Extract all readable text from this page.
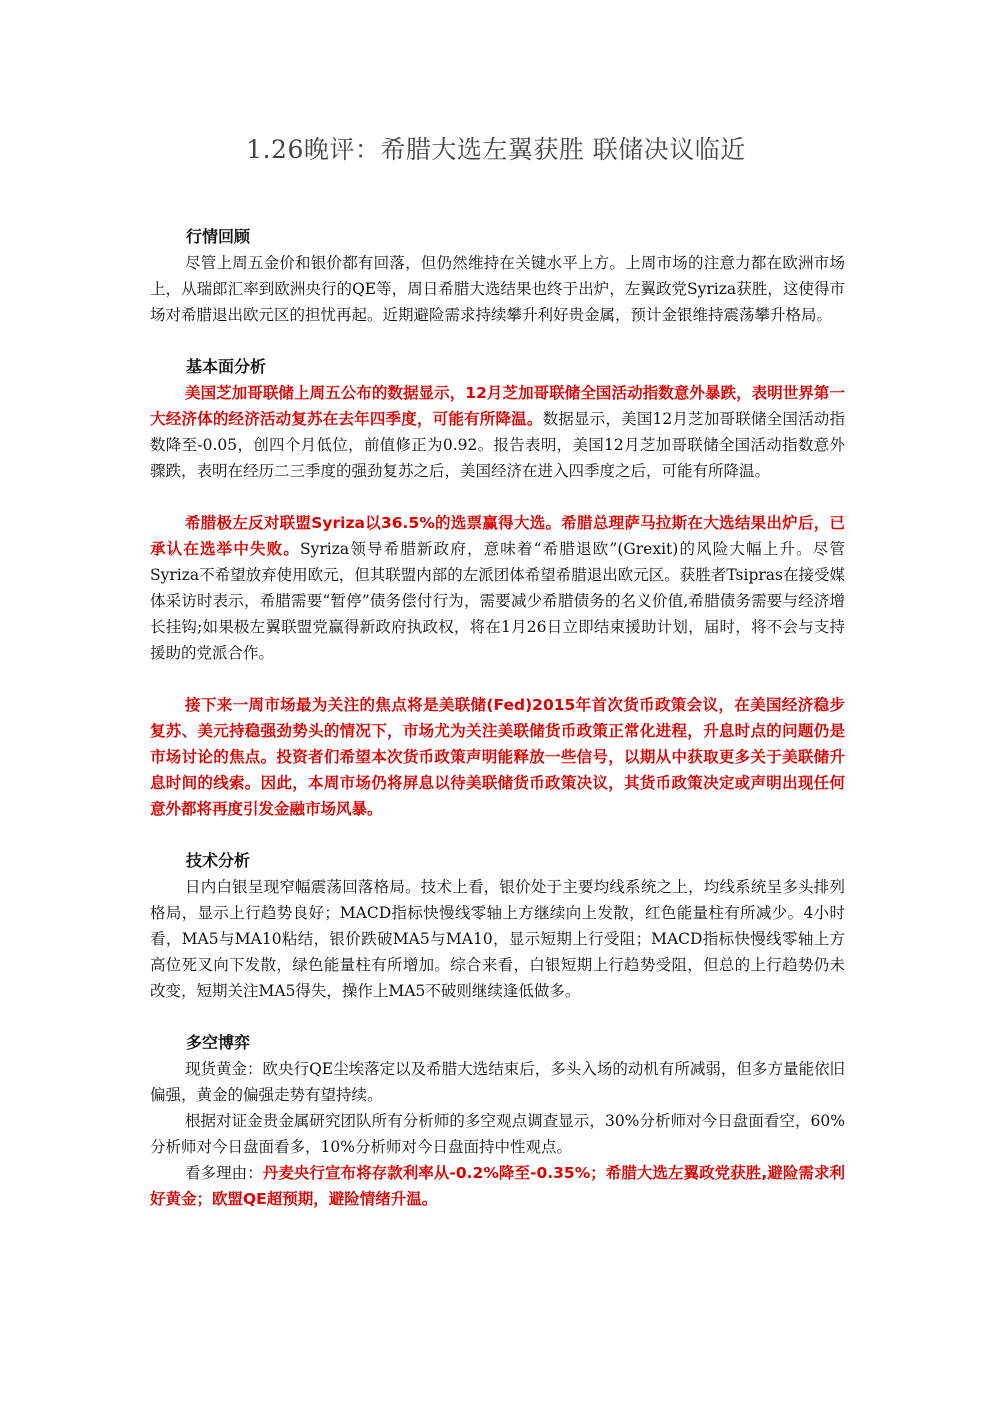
1.26晚评：希腊大选左翼获胜 联储决议临近
行情回顾

尽管上周五金价和银价都有回落，但仍然维持在关键水平上方。上周市场的注意力都在欧洲市场上，从瑞郎汇率到欧洲央行的QE等，周日希腊大选结果也终于出炉，左翼政党Syriza获胜，这使得市场对希腊退出欧元区的担忧再起。近期避险需求持续攀升利好贵金属，预计金银维持震荡攀升格局。

基本面分析

美国芝加哥联储上周五公布的数据显示，12月芝加哥联储全国活动指数意外暴跌，表明世界第一大经济体的经济活动复苏在去年四季度，可能有所降温。数据显示，美国12月芝加哥联储全国活动指数降至-0.05，创四个月低位，前值修正为0.92。报告表明，美国12月芝加哥联储全国活动指数意外骤跌，表明在经历二三季度的强劲复苏之后，美国经济在进入四季度之后，可能有所降温。

希腊极左反对联盟Syriza以36.5%的选票赢得大选。希腊总理萨马拉斯在大选结果出炉后，已承认在选举中失败。Syriza领导希腊新政府，意味着“希腊退欧”(Grexit)的风险大幅上升。尽管Syriza不希望放弃使用欧元，但其联盟内部的左派团体希望希腊退出欧元区。获胜者Tsipras在接受媒体采访时表示，希腊需要“暂停”债务偿付行为，需要减少希腊债务的名义价值,希腊债务需要与经济增长挂钩;如果极左翼联盟党赢得新政府执政权，将在1月26日立即结束援助计划，届时，将不会与支持援助的党派合作。

接下来一周市场最为关注的焦点将是美联储(Fed)2015年首次货币政策会议，在美国经济稳步复苏、美元持稳强劲势头的情况下，市场尤为关注美联储货币政策正常化进程，升息时点的问题仍是市场讨论的焦点。投资者们希望本次货币政策声明能释放一些信号，以期从中获取更多关于美联储升息时间的线索。因此，本周市场仍将屏息以待美联储货币政策决议，其货币政策决定或声明出现任何意外都将再度引发金融市场风暴。

技术分析

日内白银呈现窄幅震荡回落格局。技术上看，银价处于主要均线系统之上，均线系统呈多头排列格局，显示上行趋势良好；MACD指标快慢线零轴上方继续向上发散，红色能量柱有所减少。4小时看，MA5与MA10粘结，银价跌破MA5与MA10，显示短期上行受阻；MACD指标快慢线零轴上方高位死叉向下发散，绿色能量柱有所增加。综合来看，白银短期上行趋势受阻，但总的上行趋势仍未改变，短期关注MA5得失，操作上MA5不破则继续逢低做多。

多空博弈

现货黄金：欧央行QE尘埃落定以及希腊大选结束后，多头入场的动机有所减弱，但多方量能依旧偏强，黄金的偏强走势有望持续。

根据对证金贵金属研究团队所有分析师的多空观点调查显示，30%分析师对今日盘面看空，60%分析师对今日盘面看多，10%分析师对今日盘面持中性观点。

看多理由：丹麦央行宣布将存款利率从-0.2%降至-0.35%；希腊大选左翼政党获胜,避险需求利好黄金；欧盟QE超预期，避险情绪升温。
